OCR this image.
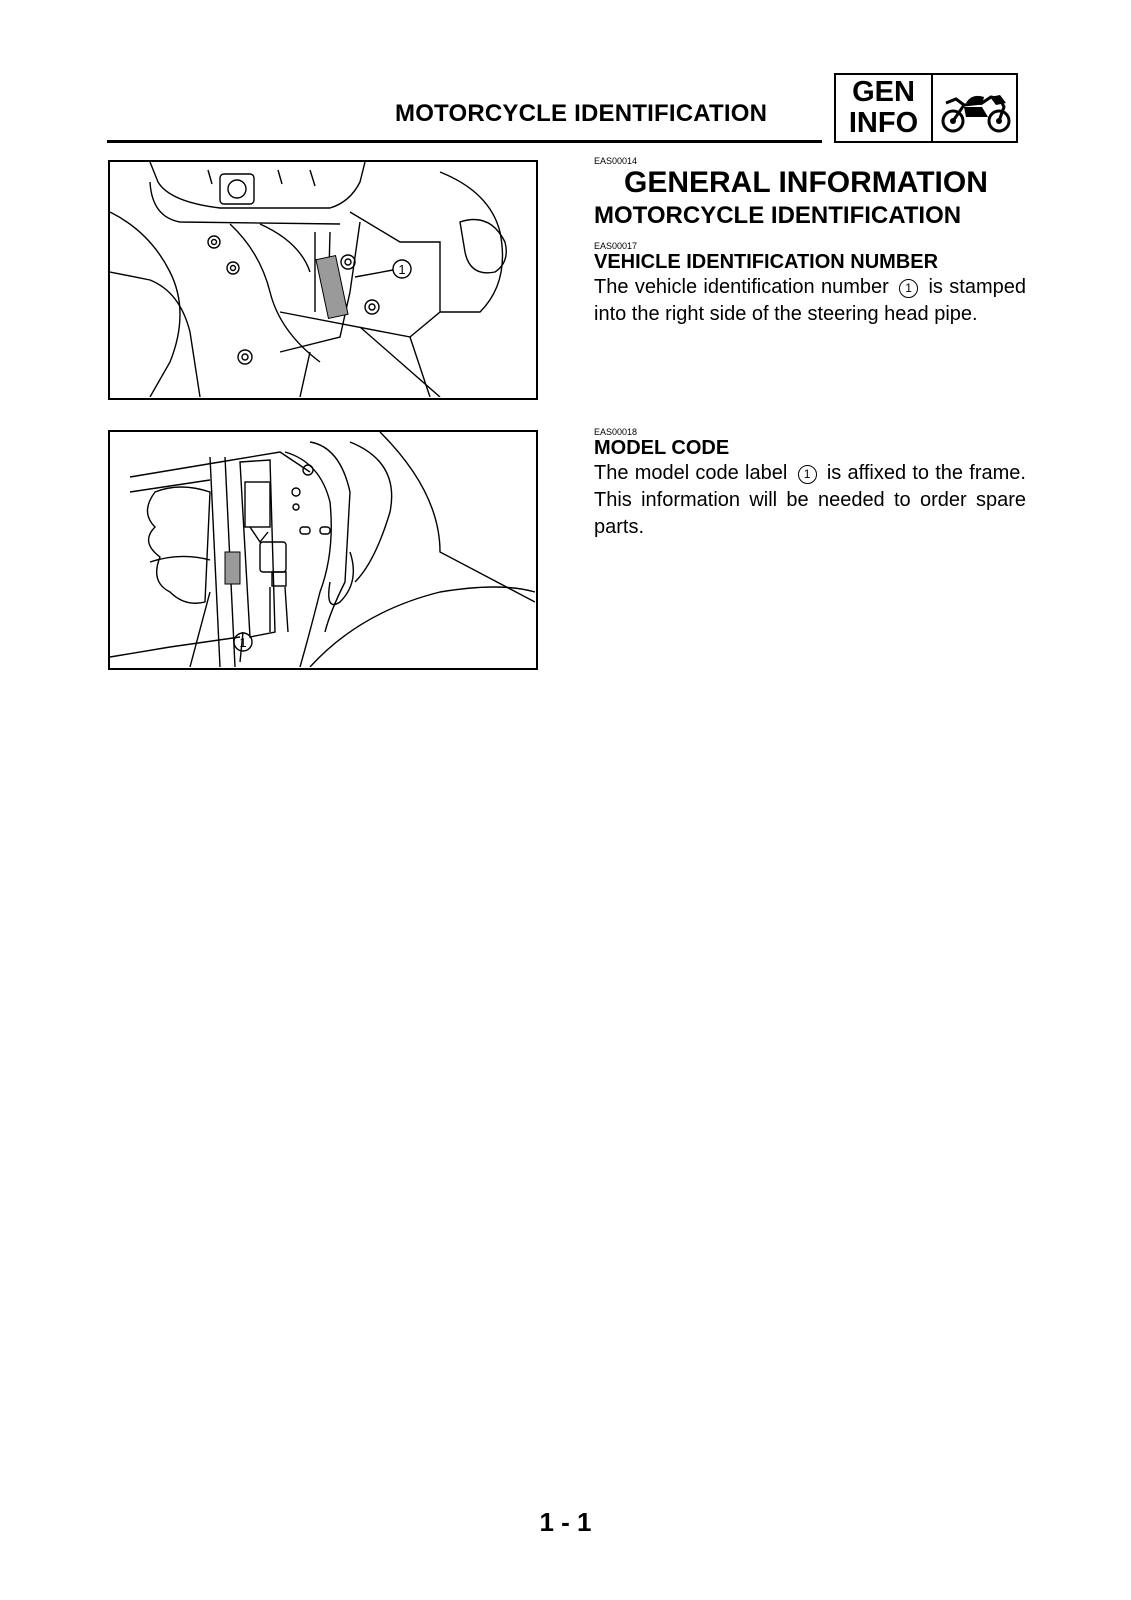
MOTORCYCLE IDENTIFICATION
GEN
INFO
1
1
EAS00014
GENERAL INFORMATION
MOTORCYCLE IDENTIFICATION
EAS00017
VEHICLE IDENTIFICATION NUMBER
The vehicle identification number 1 is stamped into the right side of the steering head pipe.
EAS00018
MODEL CODE
The model code label 1 is affixed to the frame. This information will be needed to order spare parts.
1 - 1
